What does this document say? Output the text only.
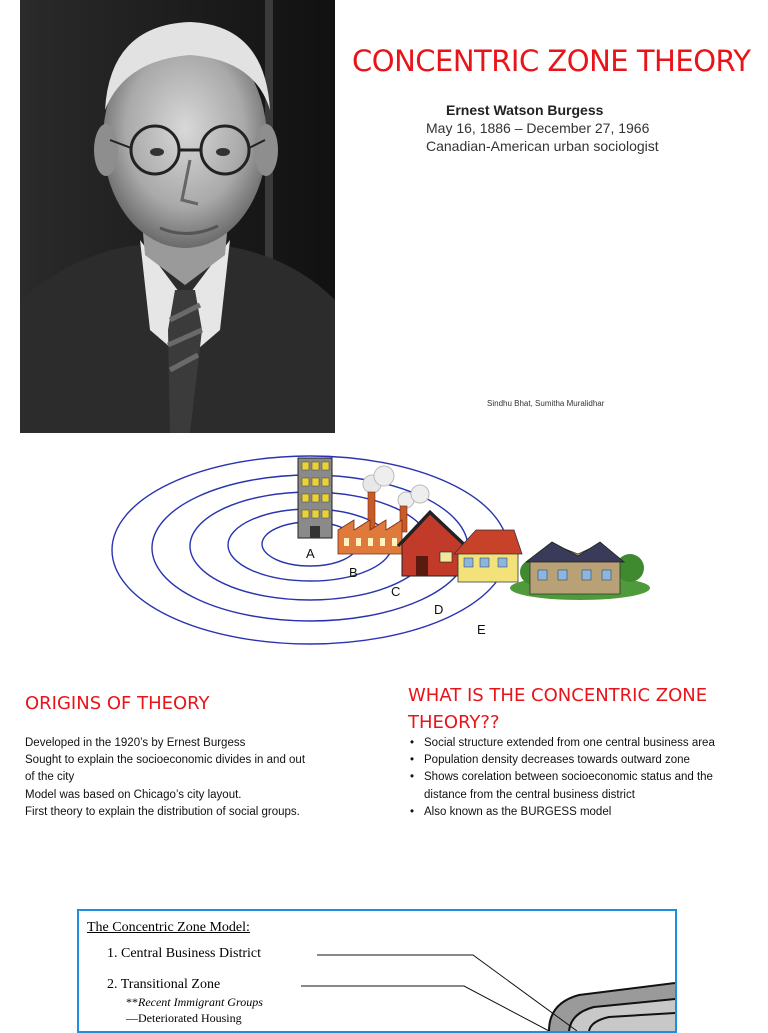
CONCENTRIC ZONE THEORY
Ernest Watson Burgess
May 16, 1886 – December 27, 1966
Canadian-American urban sociologist
Sindhu Bhat, Sumitha Muralidhar
A
B
C
D
E
ORIGINS OF THEORY
Developed in the 1920’s by Ernest Burgess
Sought to explain the socioeconomic divides in and out
of the city
Model was based on Chicago’s city layout.
First theory to explain the distribution of social groups.
WHAT IS THE CONCENTRIC ZONE THEORY??
• Social structure extended from one central business area
• Population density decreases towards outward zone
• Shows corelation between socioeconomic status and the
distance from the central business district
• Also known as the BURGESS model
The Concentric Zone Model:
1. Central Business District
2. Transitional Zone
**Recent Immigrant Groups
—Deteriorated Housing
